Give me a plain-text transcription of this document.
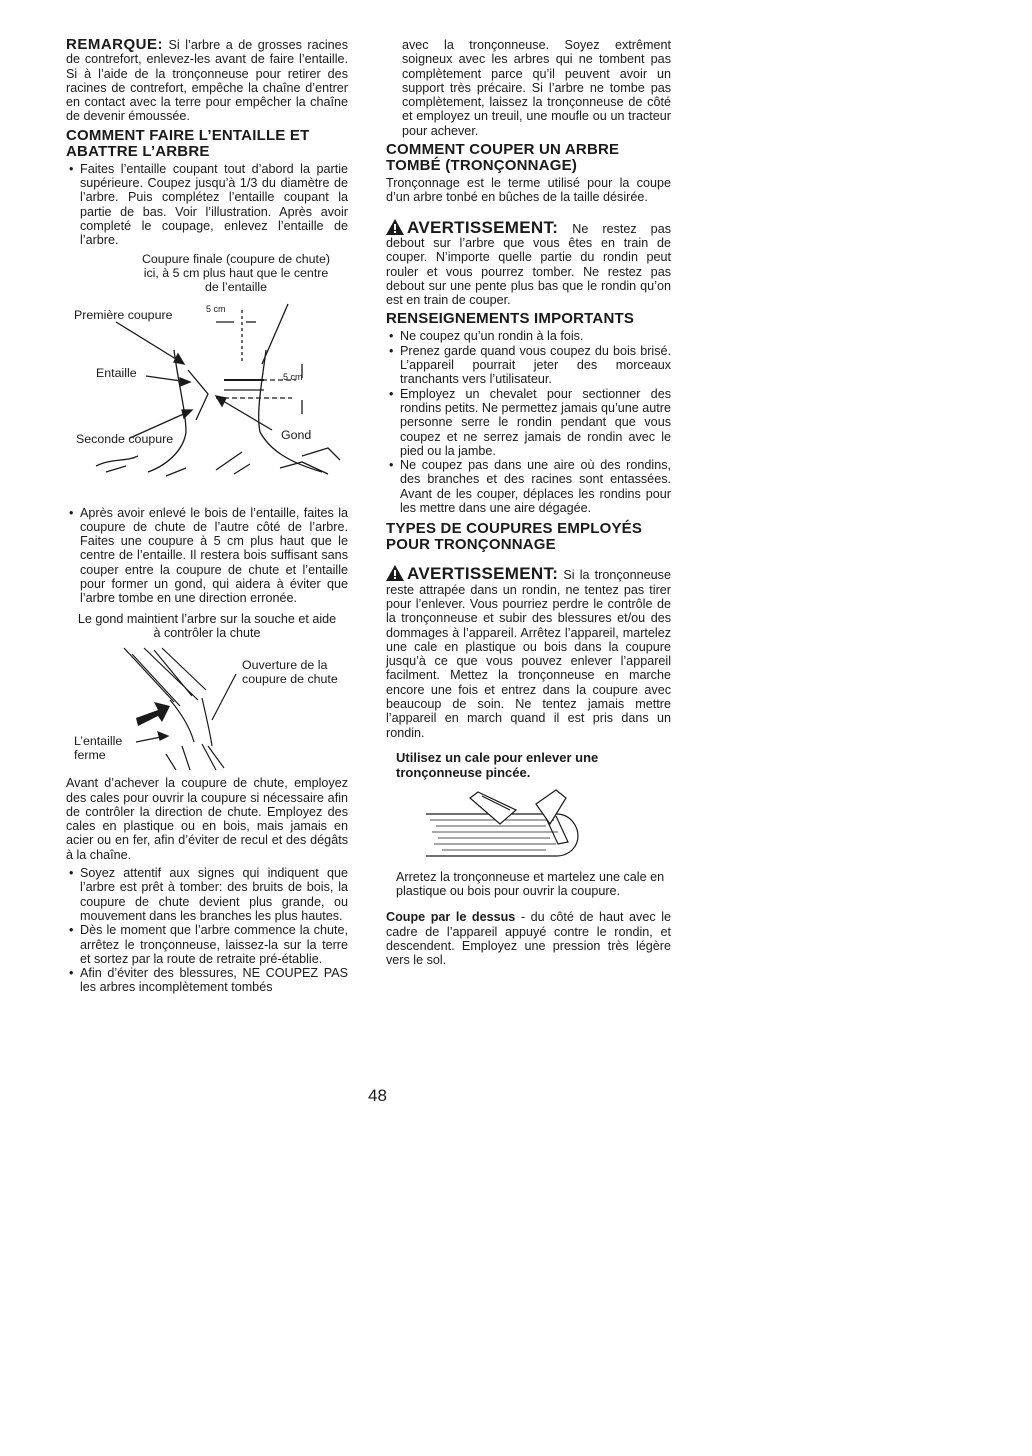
REMARQUE: Si l’arbre a de grosses racines de contrefort, enlevez-les avant de faire l’entaille. Si à l’aide de la tronçonneuse pour retirer des racines de contrefort, empêche la chaîne d’entrer en contact avec la terre pour empêcher la chaîne de devenir émoussée.

COMMENT FAIRE L’ENTAILLE ET ABATTRE L’ARBRE
• Faites l’entaille coupant tout d’abord la partie supérieure. Coupez jusqu’à 1/3 du diamètre de l’arbre. Puis complétez l’entaille coupant la partie de bas. Voir l’illustration. Après avoir completé le coupage, enlevez l’entaille de l’arbre.
Coupure finale (coupure de chute) ici, à 5 cm plus haut que le centre de l’entaille
5 cm
Première coupure
Entaille	5 cm
Seconde coupure	Gond
• Après avoir enlevé le bois de l’entaille, faites la coupure de chute de l’autre côté de l’arbre. Faites une coupure à 5 cm plus haut que le centre de l’entaille. Il restera bois suffisant sans couper entre la coupure de chute et l’entaille pour former un gond, qui aidera à éviter que l’arbre tombe en une direction erronée.

Le gond maintient l’arbre sur la souche et aide à contrôler la chute

Ouverture de la coupure de chute
L’entaille ferme

Avant d’achever la coupure de chute, employez des cales pour ouvrir la coupure si nécessaire afin de contrôler la direction de chute. Employez des cales en plastique ou en bois, mais jamais en acier ou en fer, afin d’éviter de recul et des dégâts à la chaîne.

• Soyez attentif aux signes qui indiquent que l’arbre est prêt à tomber: des bruits de bois, la coupure de chute devient plus grande, ou mouvement dans les branches les plus hautes.
• Dès le moment que l’arbre commence la chute, arrêtez le tronçonneuse, laissez-la sur la terre et sortez par la route de retraite pré-établie.
• Afin d’éviter des blessures, NE COUPEZ PAS les arbres incomplètement tombés

avec la tronçonneuse. Soyez extrêment soigneux avec les arbres qui ne tombent pas complètement parce qu’il peuvent avoir un support très précaire. Si l’arbre ne tombe pas complètement, laissez la tronçonneuse de côté et employez un treuil, une moufle ou un tracteur pour achever.

COMMENT COUPER UN ARBRE TOMBÉ (TRONÇONNAGE)

Tronçonnage est le terme utilisé pour la coupe d’un arbre tonbé en bûches de la taille désirée.

AVERTISSEMENT: Ne restez pas debout sur l’arbre que vous êtes en train de couper. N’importe quelle partie du rondin peut rouler et vous pourrez tomber. Ne restez pas debout sur une pente plus bas que le rondin qu’on est en train de couper.

RENSEIGNEMENTS IMPORTANTS
• Ne coupez qu’un rondin à la fois.
• Prenez garde quand vous coupez du bois brisé. L’appareil pourrait jeter des morceaux tranchants vers l’utilisateur.
• Employez un chevalet pour sectionner des rondins petits. Ne permettez jamais qu’une autre personne serre le rondin pendant que vous coupez et ne serrez jamais de rondin avec le pied ou la jambe.
• Ne coupez pas dans une aire où des rondins, des branches et des racines sont entassées. Avant de les couper, déplaces les rondins pour les mettre dans une aire dégagée.
TYPES DE COUPURES EMPLOYÉS POUR TRONÇONNAGE

AVERTISSEMENT: Si la tronçonneuse reste attrapée dans un rondin, ne tentez pas tirer pour l’enlever. Vous pourriez perdre le contrôle de la tronçonneuse et subir des blessures et/ou des dommages à l’appareil. Arrêtez l’appareil, martelez une cale en plastique ou bois dans la coupure jusqu’à ce que vous pouvez enlever l’appareil facilment. Mettez la tronçonneuse en marche encore une fois et entrez dans la coupure avec beaucoup de soin. Ne tentez jamais mettre l’appareil en march quand il est pris dans un rondin.

Utilisez un cale pour enlever une tronçonneuse pincée.

Arretez la tronçonneuse et martelez une cale en plastique ou bois pour ouvrir la coupure.

Coupe par le dessus - du côté de haut avec le cadre de l’appareil appuyé contre le rondin, et descendent. Employez une pression très légère vers le sol.

48
